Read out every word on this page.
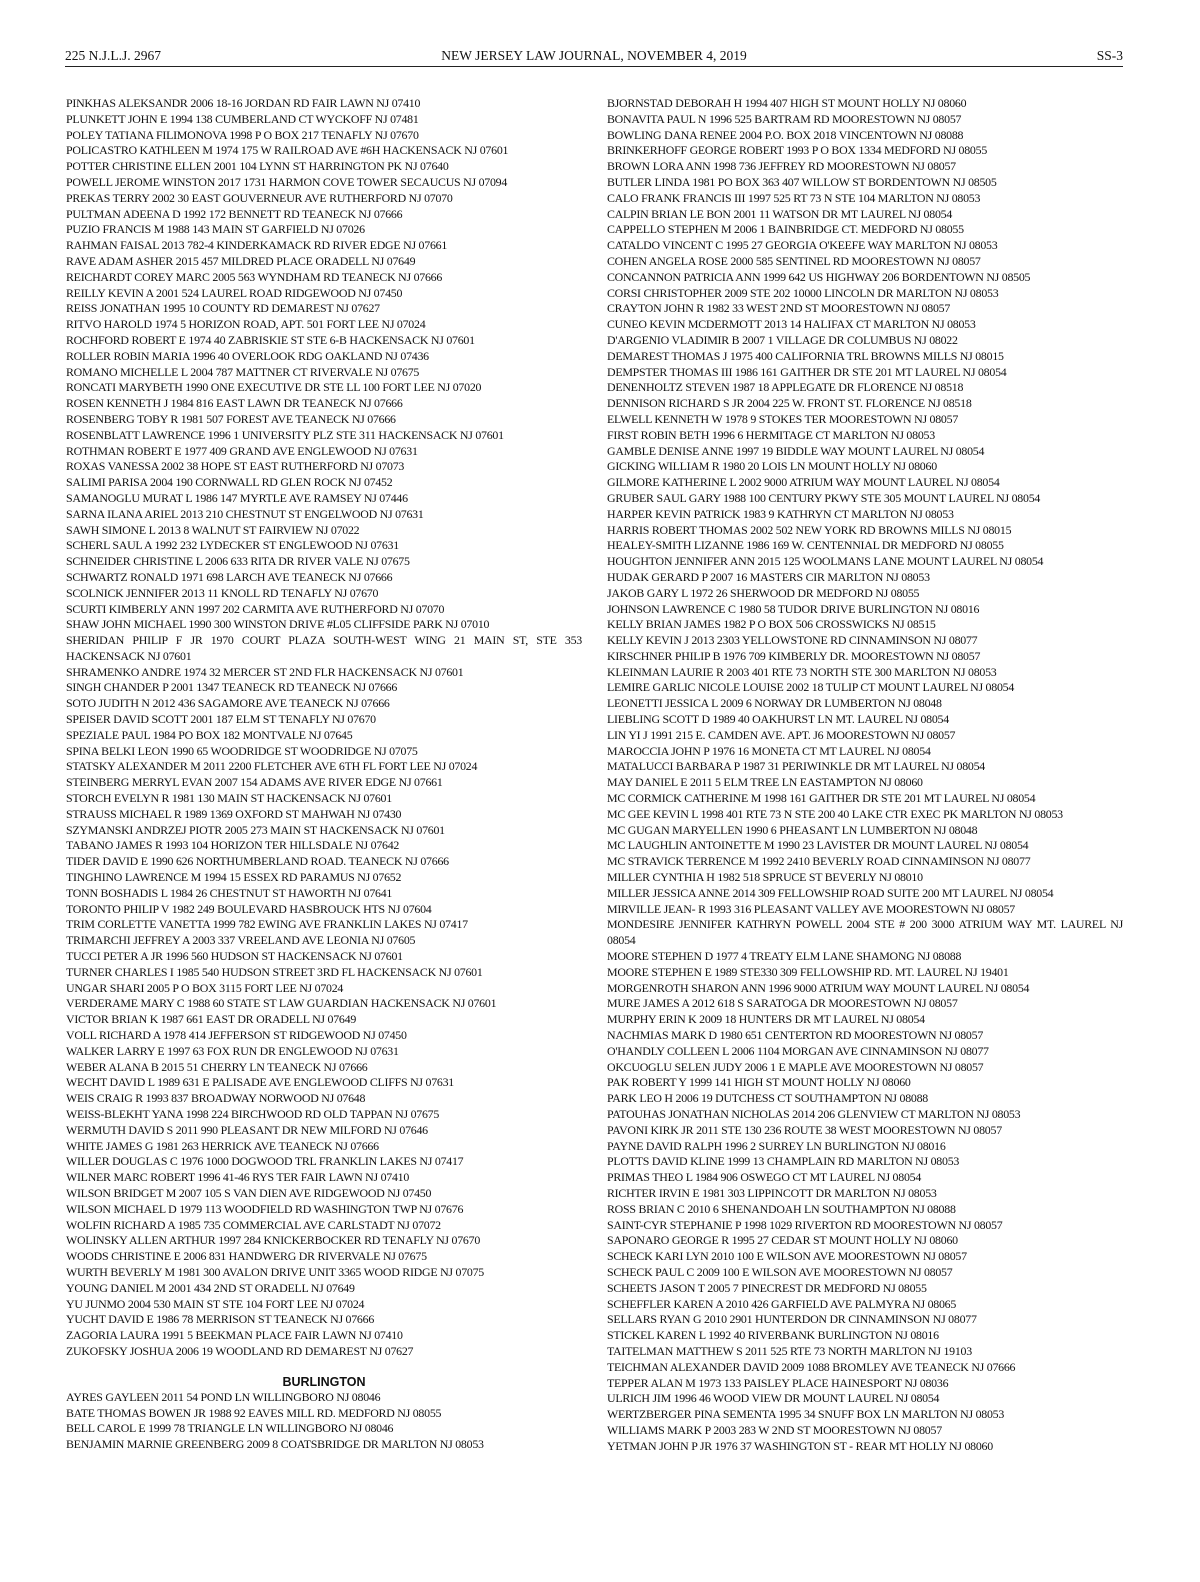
225 N.J.L.J. 2967	NEW JERSEY LAW JOURNAL, NOVEMBER 4, 2019	SS-3

PINKHAS ALEKSANDR 2006 18-16 JORDAN RD FAIR LAWN NJ 07410

PLUNKETT JOHN E 1994 138 CUMBERLAND CT WYCKOFF NJ 07481

POLEY TATIANA FILIMONOVA 1998 P O BOX 217 TENAFLY NJ 07670

POLICASTRO KATHLEEN M 1974 175 W RAILROAD AVE #6H HACKENSACK NJ 07601

POTTER CHRISTINE ELLEN 2001 104 LYNN ST HARRINGTON PK NJ 07640

POWELL JEROME WINSTON 2017 1731 HARMON COVE TOWER SECAUCUS NJ 07094

PREKAS TERRY 2002 30 EAST GOUVERNEUR AVE RUTHERFORD NJ 07070

PULTMAN ADEENA D 1992 172 BENNETT RD TEANECK NJ 07666

PUZIO FRANCIS M 1988 143 MAIN ST GARFIELD NJ 07026

RAHMAN FAISAL 2013 782-4 KINDERKAMACK RD RIVER EDGE NJ 07661

RAVE ADAM ASHER 2015 457 MILDRED PLACE ORADELL NJ 07649

REICHARDT COREY MARC 2005 563 WYNDHAM RD TEANECK NJ 07666

REILLY KEVIN A 2001 524 LAUREL ROAD RIDGEWOOD NJ 07450

REISS JONATHAN 1995 10 COUNTY RD DEMAREST NJ 07627

RITVO HAROLD 1974 5 HORIZON ROAD, APT. 501 FORT LEE NJ 07024

ROCHFORD ROBERT E 1974 40 ZABRISKIE ST STE 6-B HACKENSACK NJ 07601

ROLLER ROBIN MARIA 1996 40 OVERLOOK RDG OAKLAND NJ 07436

ROMANO MICHELLE L 2004 787 MATTNER CT RIVERVALE NJ 07675

RONCATI MARYBETH 1990 ONE EXECUTIVE DR STE LL 100 FORT LEE NJ 07020

ROSEN KENNETH J 1984 816 EAST LAWN DR TEANECK NJ 07666

ROSENBERG TOBY R 1981 507 FOREST AVE TEANECK NJ 07666

ROSENBLATT LAWRENCE 1996 1 UNIVERSITY PLZ STE 311 HACKENSACK NJ 07601

ROTHMAN ROBERT E 1977 409 GRAND AVE ENGLEWOOD NJ 07631

ROXAS VANESSA 2002 38 HOPE ST EAST RUTHERFORD NJ 07073

SALIMI PARISA 2004 190 CORNWALL RD GLEN ROCK NJ 07452

SAMANOGLU MURAT L 1986 147 MYRTLE AVE RAMSEY NJ 07446

SARNA ILANA ARIEL 2013 210 CHESTNUT ST ENGELWOOD NJ 07631

SAWH SIMONE L 2013 8 WALNUT ST FAIRVIEW NJ 07022

SCHERL SAUL A 1992 232 LYDECKER ST ENGLEWOOD NJ 07631

SCHNEIDER CHRISTINE L 2006 633 RITA DR RIVER VALE NJ 07675

SCHWARTZ RONALD 1971 698 LARCH AVE TEANECK NJ 07666

SCOLNICK JENNIFER 2013 11 KNOLL RD TENAFLY NJ 07670

SCURTI KIMBERLY ANN 1997 202 CARMITA AVE RUTHERFORD NJ 07070

SHAW JOHN MICHAEL 1990 300 WINSTON DRIVE #L05 CLIFFSIDE PARK NJ 07010

SHERIDAN PHILIP F JR 1970 COURT PLAZA SOUTH-WEST WING 21 MAIN ST, STE 353 HACKENSACK NJ 07601

SHRAMENKO ANDRE 1974 32 MERCER ST 2ND FLR HACKENSACK NJ 07601

SINGH CHANDER P 2001 1347 TEANECK RD TEANECK NJ 07666

SOTO JUDITH N 2012 436 SAGAMORE AVE TEANECK NJ 07666

SPEISER DAVID SCOTT 2001 187 ELM ST TENAFLY NJ 07670

SPEZIALE PAUL 1984 PO BOX 182 MONTVALE NJ 07645

SPINA BELKI LEON 1990 65 WOODRIDGE ST WOODRIDGE NJ 07075

STATSKY ALEXANDER M 2011 2200 FLETCHER AVE 6TH FL FORT LEE NJ 07024

STEINBERG MERRYL EVAN 2007 154 ADAMS AVE RIVER EDGE NJ 07661

STORCH EVELYN R 1981 130 MAIN ST HACKENSACK NJ 07601

STRAUSS MICHAEL R 1989 1369 OXFORD ST MAHWAH NJ 07430

SZYMANSKI ANDRZEJ PIOTR 2005 273 MAIN ST HACKENSACK NJ 07601

TABANO JAMES R 1993 104 HORIZON TER HILLSDALE NJ 07642

TIDER DAVID E 1990 626 NORTHUMBERLAND ROAD. TEANECK NJ 07666

TINGHINO LAWRENCE M 1994 15 ESSEX RD PARAMUS NJ 07652

TONN BOSHADIS L 1984 26 CHESTNUT ST HAWORTH NJ 07641

TORONTO PHILIP V 1982 249 BOULEVARD HASBROUCK HTS NJ 07604

TRIM CORLETTE VANETTA 1999 782 EWING AVE FRANKLIN LAKES NJ 07417

TRIMARCHI JEFFREY A 2003 337 VREELAND AVE LEONIA NJ 07605

TUCCI PETER A JR 1996 560 HUDSON ST HACKENSACK NJ 07601

TURNER CHARLES I 1985 540 HUDSON STREET 3RD FL HACKENSACK NJ 07601

UNGAR SHARI 2005 P O BOX 3115 FORT LEE NJ 07024

VERDERAME MARY C 1988 60 STATE ST LAW GUARDIAN HACKENSACK NJ 07601

VICTOR BRIAN K 1987 661 EAST DR ORADELL NJ 07649

VOLL RICHARD A 1978 414 JEFFERSON ST RIDGEWOOD NJ 07450

WALKER LARRY E 1997 63 FOX RUN DR ENGLEWOOD NJ 07631

WEBER ALANA B 2015 51 CHERRY LN TEANECK NJ 07666

WECHT DAVID L 1989 631 E PALISADE AVE ENGLEWOOD CLIFFS NJ 07631

WEIS CRAIG R 1993 837 BROADWAY NORWOOD NJ 07648

WEISS-BLEKHT YANA 1998 224 BIRCHWOOD RD OLD TAPPAN NJ 07675

WERMUTH DAVID S 2011 990 PLEASANT DR NEW MILFORD NJ 07646

WHITE JAMES G 1981 263 HERRICK AVE TEANECK NJ 07666

WILLER DOUGLAS C 1976 1000 DOGWOOD TRL FRANKLIN LAKES NJ 07417

WILNER MARC ROBERT 1996 41-46 RYS TER FAIR LAWN NJ 07410

WILSON BRIDGET M 2007 105 S VAN DIEN AVE RIDGEWOOD NJ 07450

WILSON MICHAEL D 1979 113 WOODFIELD RD WASHINGTON TWP NJ 07676

WOLFIN RICHARD A 1985 735 COMMERCIAL AVE CARLSTADT NJ 07072

WOLINSKY ALLEN ARTHUR 1997 284 KNICKERBOCKER RD TENAFLY NJ 07670

WOODS CHRISTINE E 2006 831 HANDWERG DR RIVERVALE NJ 07675

WURTH BEVERLY M 1981 300 AVALON DRIVE UNIT 3365 WOOD RIDGE NJ 07075

YOUNG DANIEL M 2001 434 2ND ST ORADELL NJ 07649

YU JUNMO 2004 530 MAIN ST STE 104 FORT LEE NJ 07024

YUCHT DAVID E 1986 78 MERRISON ST TEANECK NJ 07666

ZAGORIA LAURA 1991 5 BEEKMAN PLACE FAIR LAWN NJ 07410

ZUKOFSKY JOSHUA 2006 19 WOODLAND RD DEMAREST NJ 07627

BURLINGTON

AYRES GAYLEEN 2011 54 POND LN WILLINGBORO NJ 08046

BATE THOMAS BOWEN JR 1988 92 EAVES MILL RD. MEDFORD NJ 08055

BELL CAROL E 1999 78 TRIANGLE LN WILLINGBORO NJ 08046

BENJAMIN MARNIE GREENBERG 2009 8 COATSBRIDGE DR MARLTON NJ 08053

BJORNSTAD DEBORAH H 1994 407 HIGH ST MOUNT HOLLY NJ 08060

BONAVITA PAUL N 1996 525 BARTRAM RD MOORESTOWN NJ 08057

BOWLING DANA RENEE 2004 P.O. BOX 2018 VINCENTOWN NJ 08088

BRINKERHOFF GEORGE ROBERT 1993 P O BOX 1334 MEDFORD NJ 08055

BROWN LORA ANN 1998 736 JEFFREY RD MOORESTOWN NJ 08057

BUTLER LINDA 1981 PO BOX 363 407 WILLOW ST BORDENTOWN NJ 08505

CALO FRANK FRANCIS III 1997 525 RT 73 N STE 104 MARLTON NJ 08053

CALPIN BRIAN LE BON 2001 11 WATSON DR MT LAUREL NJ 08054

CAPPELLO STEPHEN M 2006 1 BAINBRIDGE CT. MEDFORD NJ 08055

CATALDO VINCENT C 1995 27 GEORGIA O'KEEFE WAY MARLTON NJ 08053

COHEN ANGELA ROSE 2000 585 SENTINEL RD MOORESTOWN NJ 08057

CONCANNON PATRICIA ANN 1999 642 US HIGHWAY 206 BORDENTOWN NJ 08505

CORSI CHRISTOPHER 2009 STE 202 10000 LINCOLN DR MARLTON NJ 08053

CRAYTON JOHN R 1982 33 WEST 2ND ST MOORESTOWN NJ 08057

CUNEO KEVIN MCDERMOTT 2013 14 HALIFAX CT MARLTON NJ 08053

D'ARGENIO VLADIMIR B 2007 1 VILLAGE DR COLUMBUS NJ 08022

DEMAREST THOMAS J 1975 400 CALIFORNIA TRL BROWNS MILLS NJ 08015

DEMPSTER THOMAS III 1986 161 GAITHER DR STE 201 MT LAUREL NJ 08054

DENENHOLTZ STEVEN 1987 18 APPLEGATE DR FLORENCE NJ 08518

DENNISON RICHARD S JR 2004 225 W. FRONT ST. FLORENCE NJ 08518

ELWELL KENNETH W 1978 9 STOKES TER MOORESTOWN NJ 08057

FIRST ROBIN BETH 1996 6 HERMITAGE CT MARLTON NJ 08053

GAMBLE DENISE ANNE 1997 19 BIDDLE WAY MOUNT LAUREL NJ 08054

GICKING WILLIAM R 1980 20 LOIS LN MOUNT HOLLY NJ 08060

GILMORE KATHERINE L 2002 9000 ATRIUM WAY MOUNT LAUREL NJ 08054

GRUBER SAUL GARY 1988 100 CENTURY PKWY STE 305 MOUNT LAUREL NJ 08054

HARPER KEVIN PATRICK 1983 9 KATHRYN CT MARLTON NJ 08053

HARRIS ROBERT THOMAS 2002 502 NEW YORK RD BROWNS MILLS NJ 08015

HEALEY-SMITH LIZANNE 1986 169 W. CENTENNIAL DR MEDFORD NJ 08055

HOUGHTON JENNIFER ANN 2015 125 WOOLMANS LANE MOUNT LAUREL NJ 08054

HUDAK GERARD P 2007 16 MASTERS CIR MARLTON NJ 08053

JAKOB GARY L 1972 26 SHERWOOD DR MEDFORD NJ 08055

JOHNSON LAWRENCE C 1980 58 TUDOR DRIVE BURLINGTON NJ 08016

KELLY BRIAN JAMES 1982 P O BOX 506 CROSSWICKS NJ 08515

KELLY KEVIN J 2013 2303 YELLOWSTONE RD CINNAMINSON NJ 08077

KIRSCHNER PHILIP B 1976 709 KIMBERLY DR. MOORESTOWN NJ 08057

KLEINMAN LAURIE R 2003 401 RTE 73 NORTH STE 300 MARLTON NJ 08053

LEMIRE GARLIC NICOLE LOUISE 2002 18 TULIP CT MOUNT LAUREL NJ 08054

LEONETTI JESSICA L 2009 6 NORWAY DR LUMBERTON NJ 08048

LIEBLING SCOTT D 1989 40 OAKHURST LN MT. LAUREL NJ 08054

LIN YI J 1991 215 E. CAMDEN AVE. APT. J6 MOORESTOWN NJ 08057

MAROCCIA JOHN P 1976 16 MONETA CT MT LAUREL NJ 08054

MATALUCCI BARBARA P 1987 31 PERIWINKLE DR MT LAUREL NJ 08054

MAY DANIEL E 2011 5 ELM TREE LN EASTAMPTON NJ 08060

MC CORMICK CATHERINE M 1998 161 GAITHER DR STE 201 MT LAUREL NJ 08054

MC GEE KEVIN L 1998 401 RTE 73 N STE 200 40 LAKE CTR EXEC PK MARLTON NJ 08053

MC GUGAN MARYELLEN 1990 6 PHEASANT LN LUMBERTON NJ 08048

MC LAUGHLIN ANTOINETTE M 1990 23 LAVISTER DR MOUNT LAUREL NJ 08054

MC STRAVICK TERRENCE M 1992 2410 BEVERLY ROAD CINNAMINSON NJ 08077

MILLER CYNTHIA H 1982 518 SPRUCE ST BEVERLY NJ 08010

MILLER JESSICA ANNE 2014 309 FELLOWSHIP ROAD SUITE 200 MT LAUREL NJ 08054

MIRVILLE JEAN- R 1993 316 PLEASANT VALLEY AVE MOORESTOWN NJ 08057

MONDESIRE JENNIFER KATHRYN POWELL 2004 STE # 200 3000 ATRIUM WAY MT. LAUREL NJ 08054

MOORE STEPHEN D 1977 4 TREATY ELM LANE SHAMONG NJ 08088

MOORE STEPHEN E 1989 STE330 309 FELLOWSHIP RD. MT. LAUREL NJ 19401

MORGENROTH SHARON ANN 1996 9000 ATRIUM WAY MOUNT LAUREL NJ 08054

MURE JAMES A 2012 618 S SARATOGA DR MOORESTOWN NJ 08057

MURPHY ERIN K 2009 18 HUNTERS DR MT LAUREL NJ 08054

NACHMIAS MARK D 1980 651 CENTERTON RD MOORESTOWN NJ 08057

O'HANDLY COLLEEN L 2006 1104 MORGAN AVE CINNAMINSON NJ 08077

OKCUOGLU SELEN JUDY 2006 1 E MAPLE AVE MOORESTOWN NJ 08057

PAK ROBERT Y 1999 141 HIGH ST MOUNT HOLLY NJ 08060

PARK LEO H 2006 19 DUTCHESS CT SOUTHAMPTON NJ 08088

PATOUHAS JONATHAN NICHOLAS 2014 206 GLENVIEW CT MARLTON NJ 08053

PAVONI KIRK JR 2011 STE 130 236 ROUTE 38 WEST MOORESTOWN NJ 08057

PAYNE DAVID RALPH 1996 2 SURREY LN BURLINGTON NJ 08016

PLOTTS DAVID KLINE 1999 13 CHAMPLAIN RD MARLTON NJ 08053

PRIMAS THEO L 1984 906 OSWEGO CT MT LAUREL NJ 08054

RICHTER IRVIN E 1981 303 LIPPINCOTT DR MARLTON NJ 08053

ROSS BRIAN C 2010 6 SHENANDOAH LN SOUTHAMPTON NJ 08088

SAINT-CYR STEPHANIE P 1998 1029 RIVERTON RD MOORESTOWN NJ 08057

SAPONARO GEORGE R 1995 27 CEDAR ST MOUNT HOLLY NJ 08060

SCHECK KARI LYN 2010 100 E WILSON AVE MOORESTOWN NJ 08057

SCHECK PAUL C 2009 100 E WILSON AVE MOORESTOWN NJ 08057

SCHEETS JASON T 2005 7 PINECREST DR MEDFORD NJ 08055

SCHEFFLER KAREN A 2010 426 GARFIELD AVE PALMYRA NJ 08065

SELLARS RYAN G 2010 2901 HUNTERDON DR CINNAMINSON NJ 08077

STICKEL KAREN L 1992 40 RIVERBANK BURLINGTON NJ 08016

TAITELMAN MATTHEW S 2011 525 RTE 73 NORTH MARLTON NJ 19103

TEICHMAN ALEXANDER DAVID 2009 1088 BROMLEY AVE TEANECK NJ 07666

TEPPER ALAN M 1973 133 PAISLEY PLACE HAINESPORT NJ 08036

ULRICH JIM 1996 46 WOOD VIEW DR MOUNT LAUREL NJ 08054

WERTZBERGER PINA SEMENTA 1995 34 SNUFF BOX LN MARLTON NJ 08053

WILLIAMS MARK P 2003 283 W 2ND ST MOORESTOWN NJ 08057

YETMAN JOHN P JR 1976 37 WASHINGTON ST - REAR MT HOLLY NJ 08060
